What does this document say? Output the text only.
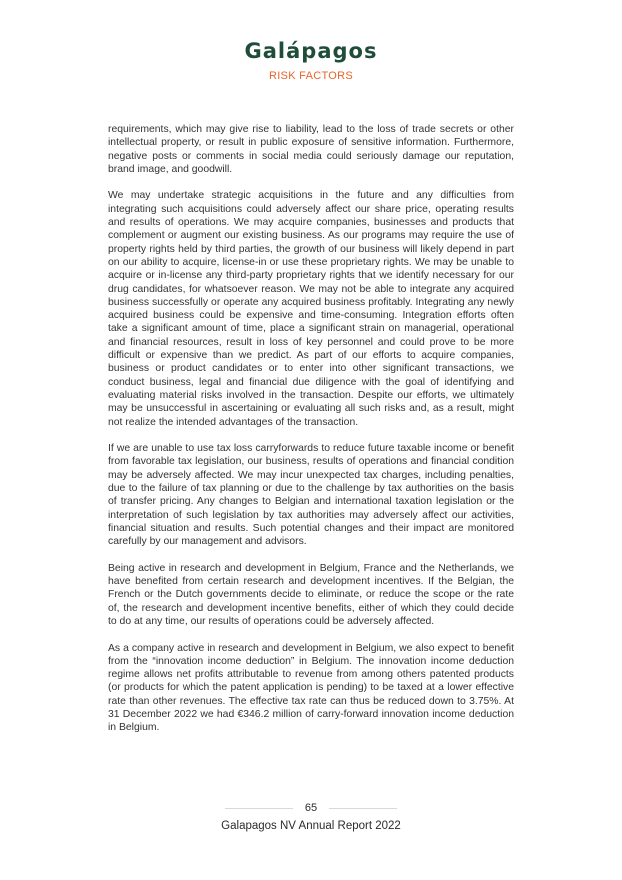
Galápagos
RISK FACTORS

requirements, which may give rise to liability, lead to the loss of trade secrets or other intellectual property, or result in public exposure of sensitive information. Furthermore, negative posts or comments in social media could seriously damage our reputation, brand image, and goodwill.

We may undertake strategic acquisitions in the future and any difficulties from integrating such acquisitions could adversely affect our share price, operating results and results of operations. We may acquire companies, businesses and products that complement or augment our existing business. As our programs may require the use of property rights held by third parties, the growth of our business will likely depend in part on our ability to acquire, license-in or use these proprietary rights. We may be unable to acquire or in-license any third-party proprietary rights that we identify necessary for our drug candidates, for whatsoever reason. We may not be able to integrate any acquired business successfully or operate any acquired business profitably. Integrating any newly acquired business could be expensive and time-consuming. Integration efforts often take a significant amount of time, place a significant strain on managerial, operational and financial resources, result in loss of key personnel and could prove to be more difficult or expensive than we predict. As part of our efforts to acquire companies, business or product candidates or to enter into other significant transactions, we conduct business, legal and financial due diligence with the goal of identifying and evaluating material risks involved in the transaction. Despite our efforts, we ultimately may be unsuccessful in ascertaining or evaluating all such risks and, as a result, might not realize the intended advantages of the transaction.

If we are unable to use tax loss carryforwards to reduce future taxable income or benefit from favorable tax legislation, our business, results of operations and financial condition may be adversely affected. We may incur unexpected tax charges, including penalties, due to the failure of tax planning or due to the challenge by tax authorities on the basis of transfer pricing. Any changes to Belgian and international taxation legislation or the interpretation of such legislation by tax authorities may adversely affect our activities, financial situation and results. Such potential changes and their impact are monitored carefully by our management and advisors.

Being active in research and development in Belgium, France and the Netherlands, we have benefited from certain research and development incentives. If the Belgian, the French or the Dutch governments decide to eliminate, or reduce the scope or the rate of, the research and development incentive benefits, either of which they could decide to do at any time, our results of operations could be adversely affected.

As a company active in research and development in Belgium, we also expect to benefit from the “innovation income deduction” in Belgium. The innovation income deduction regime allows net profits attributable to revenue from among others patented products (or products for which the patent application is pending) to be taxed at a lower effective rate than other revenues. The effective tax rate can thus be reduced down to 3.75%. At 31 December 2022 we had €346.2 million of carry-forward innovation income deduction in Belgium.

65
Galapagos NV Annual Report 2022
